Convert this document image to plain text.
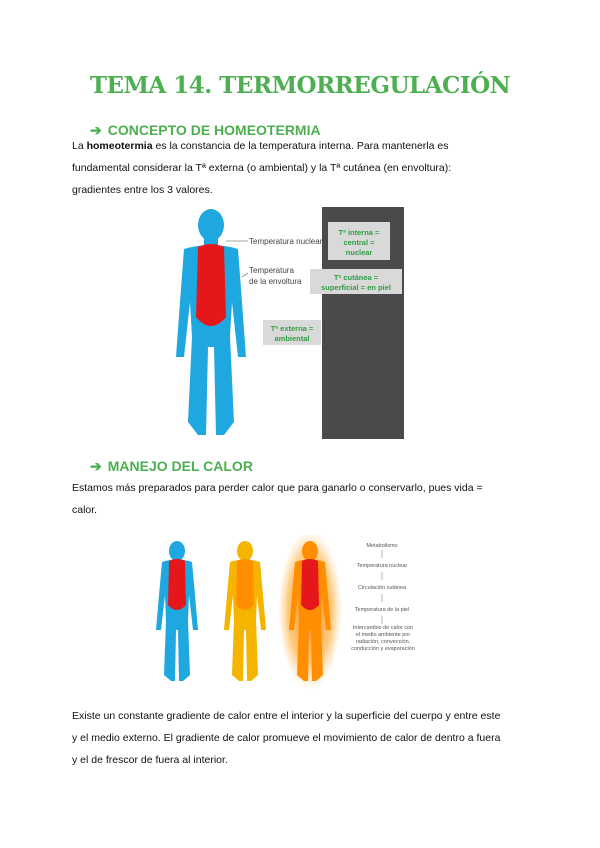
TEMA 14. TERMORREGULACIÓN
➔ CONCEPTO DE HOMEOTERMIA
La homeotermia es la constancia de la temperatura interna. Para mantenerla es
fundamental considerar la Tª externa (o ambiental) y la Tª cutánea (en envoltura):
gradientes entre los 3 valores.
Temperatura nuclear
Temperatura
de la envoltura
Tª interna =
central =
nuclear
Tª cutánea =
superficial = en piel
Tª externa =
ambiental
➔ MANEJO DEL CALOR
Estamos más preparados para perder calor que para ganarlo o conservarlo, pues vida =
calor.
Metabolismo
Temperatura nuclear
Circulación cutánea
Temperatura de la piel
Intercambio de calor con el medio ambiente por radiación, convección, conducción y evaporación
Existe un constante gradiente de calor entre el interior y la superficie del cuerpo y entre este
y el medio externo. El gradiente de calor promueve el movimiento de calor de dentro a fuera
y el de frescor de fuera al interior.
